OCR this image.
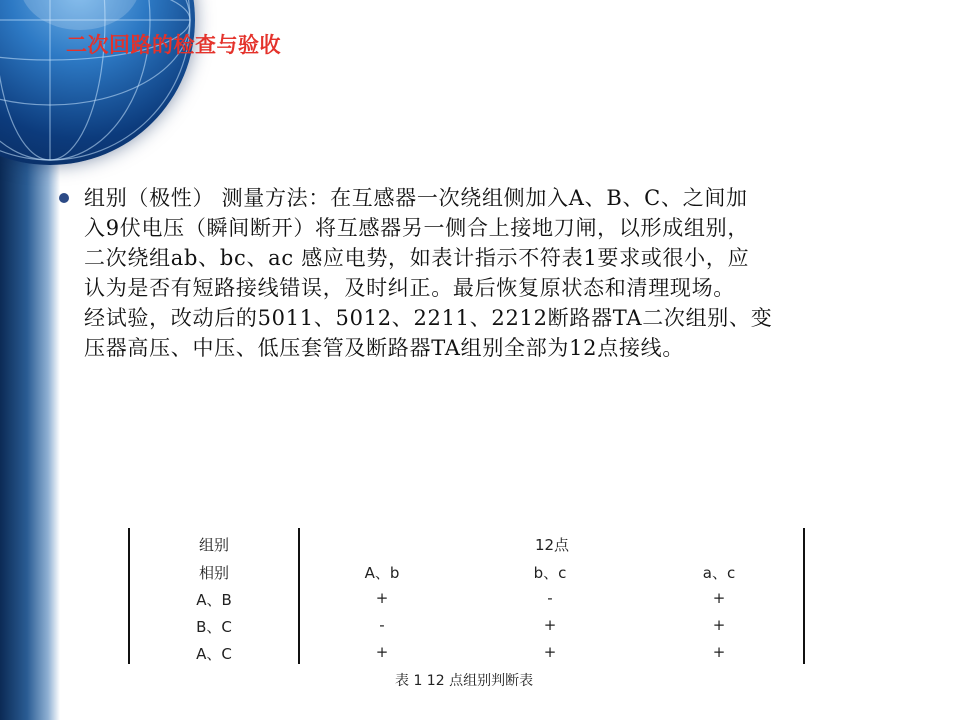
二次回路的检查与验收
组别（极性） 测量方法：在互感器一次绕组侧加入A、B、C、之间加
入9伏电压（瞬间断开）将互感器另一侧合上接地刀闸，以形成组别，
二次绕组ab、bc、ac 感应电势，如表计指示不符表1要求或很小，应
认为是否有短路接线错误，及时纠正。最后恢复原状态和清理现场。
经试验，改动后的5011、5012、2211、2212断路器TA二次组别、变
压器高压、中压、低压套管及断路器TA组别全部为12点接线。
组别	12点
相别	A、b	b、c	a、c
A、B	+	-	+
B、C	-	+	+
A、C	+	+	+
表 1 12 点组别判断表
